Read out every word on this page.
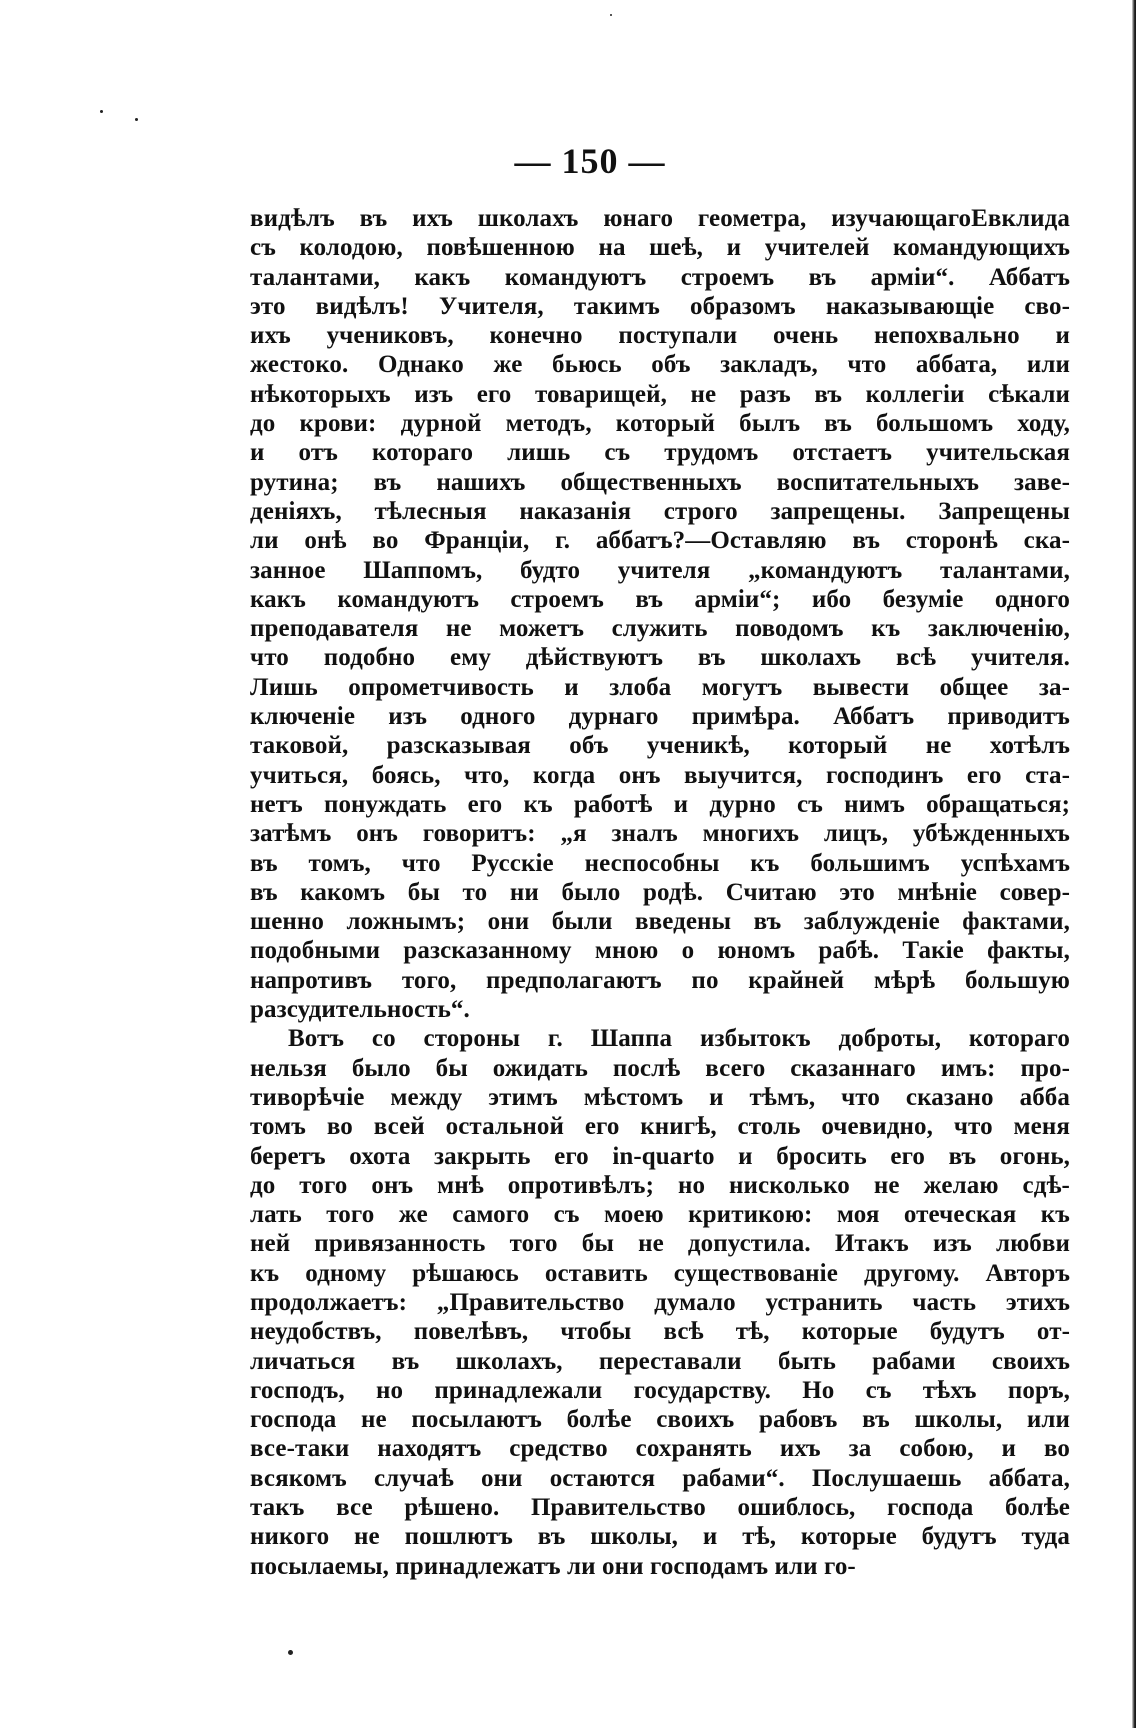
— 150 —
видѣлъ въ ихъ школахъ юнаго геометра, изучающагоЕвклида
съ колодою, повѣшенною на шеѣ, и учителей командующихъ
талантами, какъ командуютъ строемъ въ арміи“. Аббатъ
это видѣлъ! Учителя, такимъ образомъ наказывающіе сво-
ихъ учениковъ, конечно поступали очень непохвально и
жестоко. Однако же бьюсь объ закладъ, что аббата, или
нѣкоторыхъ изъ его товарищей, не разъ въ коллегіи сѣкали
до крови: дурной методъ, который былъ въ большомъ ходу,
и отъ котораго лишь съ трудомъ отстаетъ учительская
рутина; въ нашихъ общественныхъ воспитательныхъ заве-
деніяхъ, тѣлесныя наказанія строго запрещены. Запрещены
ли онѣ во Франціи, г. аббатъ?—Оставляю въ сторонѣ ска-
занное Шаппомъ, будто учителя „командуютъ талантами,
какъ командуютъ строемъ въ арміи“; ибо безуміе одного
преподавателя не можетъ служить поводомъ къ заключенію,
что подобно ему дѣйствуютъ въ школахъ всѣ учителя.
Лишь опрометчивость и злоба могутъ вывести общее за-
ключеніе изъ одного дурнаго примѣра. Аббатъ приводитъ
таковой, разсказывая объ ученикѣ, который не хотѣлъ
учиться, боясь, что, когда онъ выучится, господинъ его ста-
нетъ понуждать его къ работѣ и дурно съ нимъ обращаться;
затѣмъ онъ говоритъ: „я зналъ многихъ лицъ, убѣжденныхъ
въ томъ, что Русскіе неспособны къ большимъ успѣхамъ
въ какомъ бы то ни было родѣ. Считаю это мнѣніе совер-
шенно ложнымъ; они были введены въ заблужденіе фактами,
подобными разсказанному мною о юномъ рабѣ. Такіе факты,
напротивъ того, предполагаютъ по крайней мѣрѣ большую
разсудительность“.
Вотъ со стороны г. Шаппа избытокъ доброты, котораго
нельзя было бы ожидать послѣ всего сказаннаго имъ: про-
тиворѣчіе между этимъ мѣстомъ и тѣмъ, что сказано абба
томъ во всей остальной его книгѣ, столь очевидно, что меня
беретъ охота закрыть его in-quarto и бросить его въ огонь,
до того онъ мнѣ опротивѣлъ; но нисколько не желаю сдѣ-
лать того же самого съ моею критикою: моя отеческая къ
ней привязанность того бы не допустила. Итакъ изъ любви
къ одному рѣшаюсь оставить существованіе другому. Авторъ
продолжаетъ: „Правительство думало устранить часть этихъ
неудобствъ, повелѣвъ, чтобы всѣ тѣ, которые будутъ от-
личаться въ школахъ, переставали быть рабами своихъ
господъ, но принадлежали государству. Но съ тѣхъ поръ,
господа не посылаютъ болѣе своихъ рабовъ въ школы, или
все-таки находятъ средство сохранять ихъ за собою, и во
всякомъ случаѣ они остаются рабами“. Послушаешь аббата,
такъ все рѣшено. Правительство ошиблось, господа болѣе
никого не пошлютъ въ школы, и тѣ, которые будутъ туда
посылаемы, принадлежатъ ли они господамъ или го-
